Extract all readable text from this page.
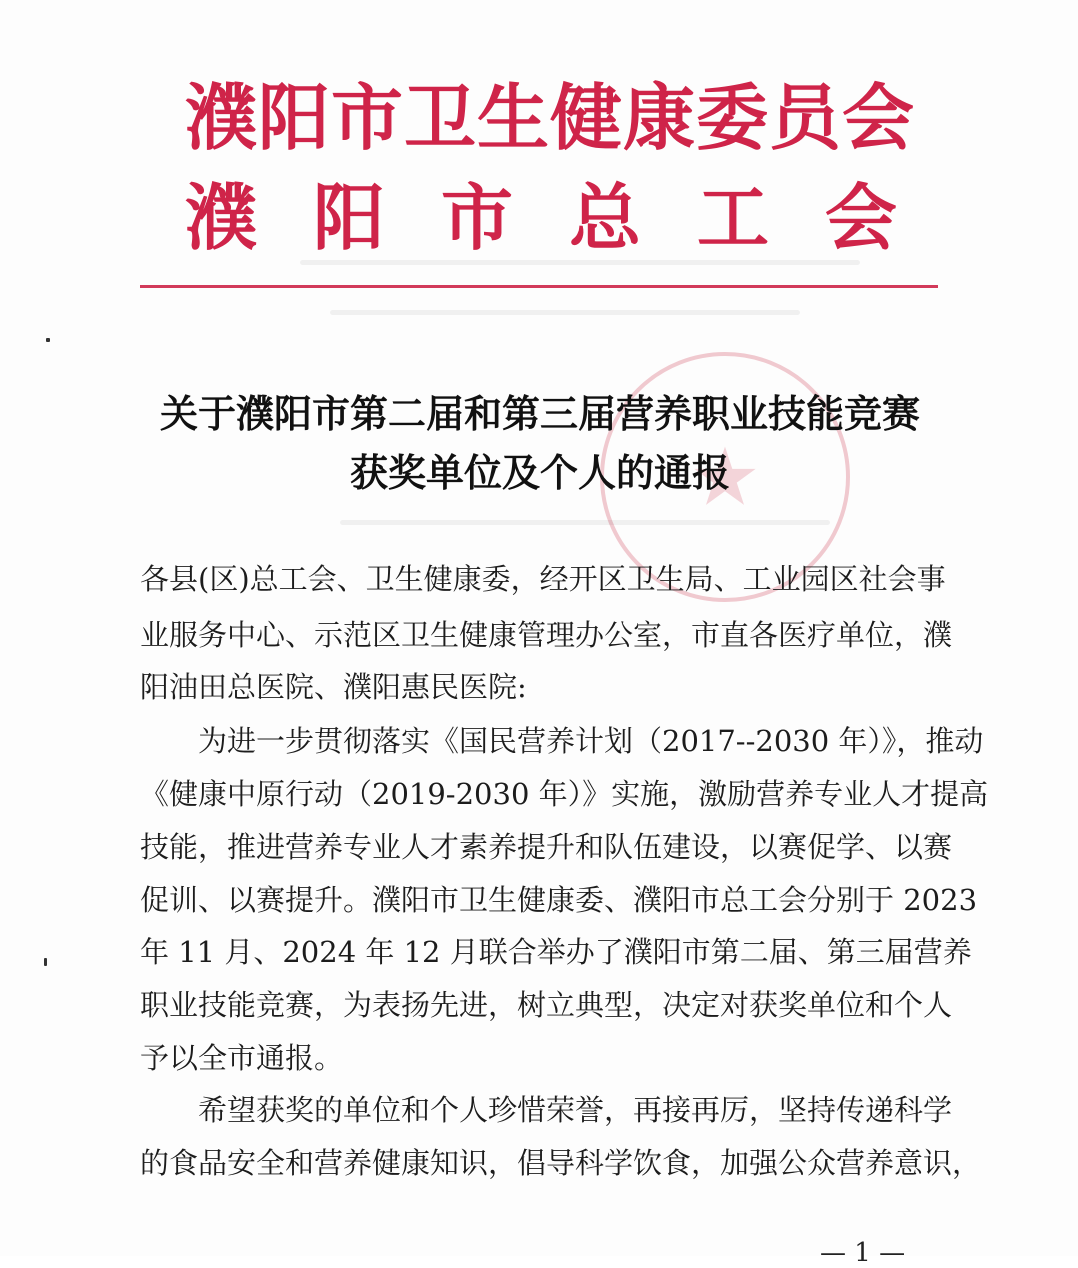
★
濮阳市卫生健康委员会
濮 阳 市 总 工 会
关于濮阳市第二届和第三届营养职业技能竞赛
获奖单位及个人的通报
各县(区)总工会、卫生健康委，经开区卫生局、工业园区社会事
业服务中心、示范区卫生健康管理办公室，市直各医疗单位，濮
阳油田总医院、濮阳惠民医院:
　　为进一步贯彻落实《国民营养计划（2017--2030 年）》，推动
《健康中原行动（2019-2030 年）》实施，激励营养专业人才提高
技能，推进营养专业人才素养提升和队伍建设，以赛促学、以赛
促训、以赛提升。濮阳市卫生健康委、濮阳市总工会分别于 2023
年 11 月、2024 年 12 月联合举办了濮阳市第二届、第三届营养
职业技能竞赛，为表扬先进，树立典型，决定对获奖单位和个人
予以全市通报。
　　希望获奖的单位和个人珍惜荣誉，再接再厉，坚持传递科学
的食品安全和营养健康知识，倡导科学饮食，加强公众营养意识，
— 1 —
